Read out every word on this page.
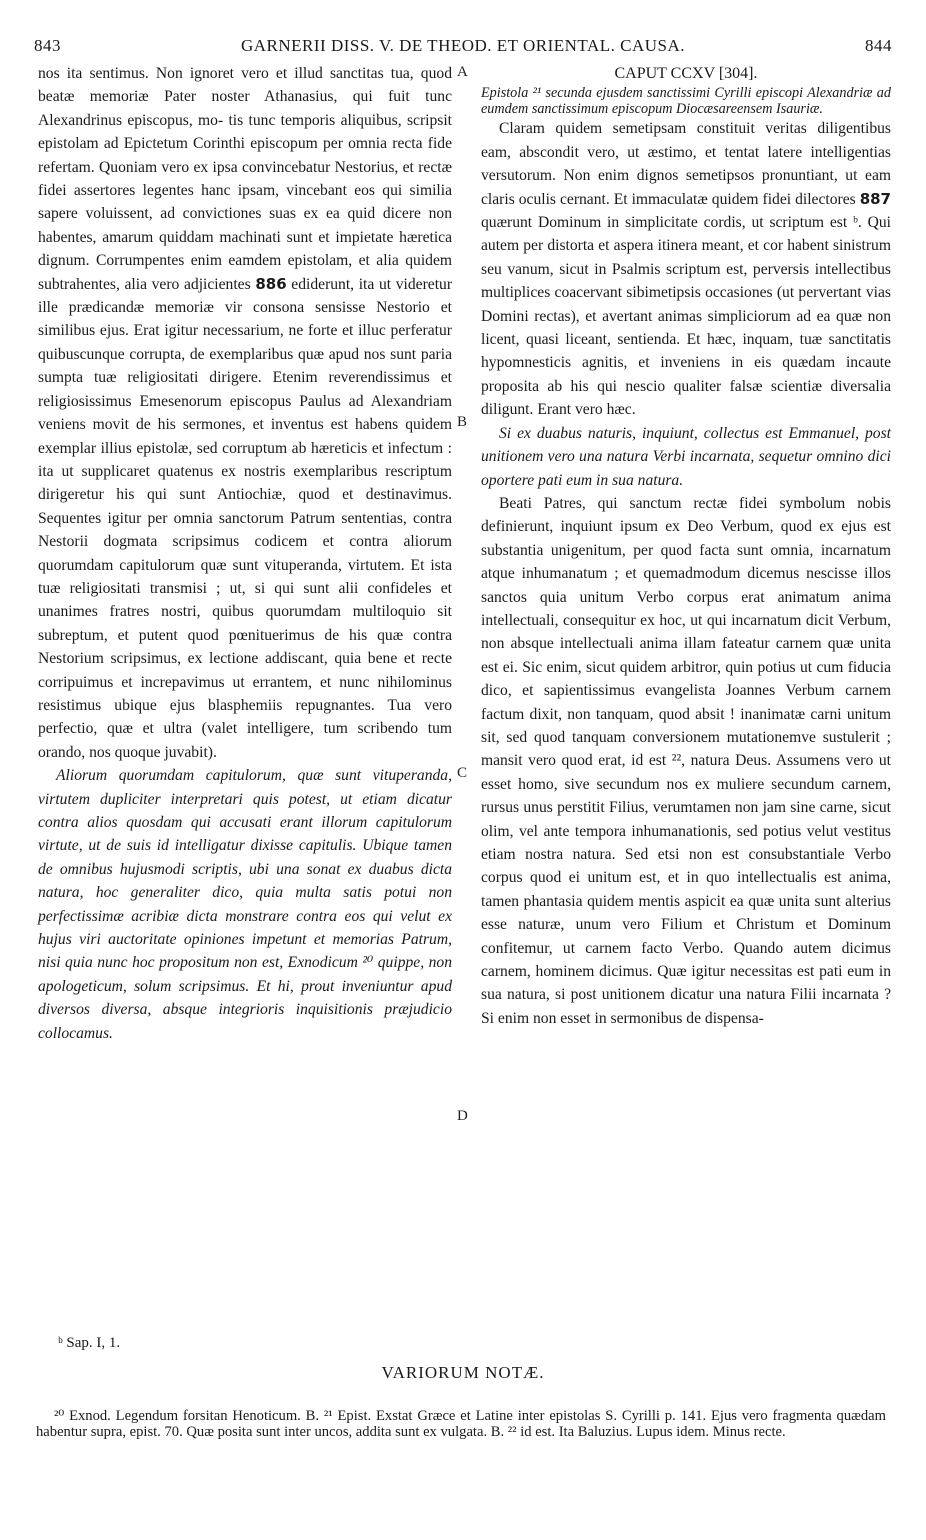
843	GARNERII DISS. V. DE THEOD. ET ORIENTAL. CAUSA.	844

nos ita sentimus. Non ignoret vero et illud sanctitas tua, quod beatæ memoriæ Pater noster Athanasius, qui fuit tunc Alexandrinus episcopus, mo- tis tunc temporis aliquibus, scripsit epistolam ad Epictetum Corinthi episcopum per omnia recta fide refertam. Quoniam vero ex ipsa convincebatur Nestorius, et rectæ fidei assertores legentes hanc ipsam, vincebant eos qui similia sapere voluissent, ad convictiones suas ex ea quid dicere non habentes, amarum quiddam machinati sunt et impietate hæretica dignum. Corrumpentes enim eamdem epistolam, et alia quidem subtrahentes, alia vero adjicientes 886 ediderunt, ita ut videretur ille prædicandæ memoriæ vir consona sensisse Nestorio et similibus ejus. Erat igitur necessarium, ne forte et illuc perferatur quibuscunque corrupta, de exemplaribus quæ apud nos sunt paria sumpta tuæ religiositati dirigere. Etenim reverendissimus et religiosissimus Emesenorum episcopus Paulus ad Alexandriam veniens movit de his sermones, et inventus est habens quidem exemplar illius epistolæ, sed corruptum ab hæreticis et infectum : ita ut supplicaret quatenus ex nostris exemplaribus rescriptum dirigeretur his qui sunt Antiochiæ, quod et destinavimus. Sequentes igitur per omnia sanctorum Patrum sententias, contra Nestorii dogmata scripsimus codicem et contra aliorum quorumdam capitulorum quæ sunt vituperanda, virtutem. Et ista tuæ religiositati transmisi ; ut, si qui sunt alii confideles et unanimes fratres nostri, quibus quorumdam multiloquio sit subreptum, et putent quod pœnituerimus de his quæ contra Nestorium scripsimus, ex lectione addiscant, quia bene et recte corripuimus et increpavimus ut errantem, et nunc nihilominus resistimus ubique ejus blasphemiis repugnantes. Tua vero perfectio, quæ et ultra (valet intelligere, tum scribendo tum orando, nos quoque juvabit).

Aliorum quorumdam capitulorum, quæ sunt vituperanda, virtutem dupliciter interpretari quis potest, ut etiam dicatur contra alios quosdam qui accusati erant illorum capitulorum virtute, ut de suis id intelligatur dixisse capitulis. Ubique tamen de omnibus hujusmodi scriptis, ubi una sonat ex duabus dicta natura, hoc generaliter dico, quia multa satis potui non perfectissimæ acribiæ dicta monstrare contra eos qui velut ex hujus viri auctoritate opiniones impetunt et memorias Patrum, nisi quia nunc hoc propositum non est, Exnodicum ²⁰ quippe, non apologeticum, solum scripsimus. Et hi, prout inveniuntur apud diversos diversa, absque integrioris inquisitionis præjudicio collocamus.

A
B
C
D

CAPUT CCXV [304].

Epistola ²¹ secunda ejusdem sanctissimi Cyrilli episcopi Alexandriæ ad eumdem sanctissimum episcopum Diocæsareensem Isauriæ.

Claram quidem semetipsam constituit veritas diligentibus eam, abscondit vero, ut æstimo, et tentat latere intelligentias versutorum. Non enim dignos semetipsos pronuntiant, ut eam claris oculis cernant. Et immaculatæ quidem fidei dilectores 887 quærunt Dominum in simplicitate cordis, ut scriptum est ᵇ. Qui autem per distorta et aspera itinera meant, et cor habent sinistrum seu vanum, sicut in Psalmis scriptum est, perversis intellectibus multiplices coacervant sibimetipsis occasiones (ut pervertant vias Domini rectas), et avertant animas simpliciorum ad ea quæ non licent, quasi liceant, sentienda. Et hæc, inquam, tuæ sanctitatis hypomnesticis agnitis, et inveniens in eis quædam incaute proposita ab his qui nescio qualiter falsæ scientiæ diversalia diligunt. Erant vero hæc.

Si ex duabus naturis, inquiunt, collectus est Emmanuel, post unitionem vero una natura Verbi incarnata, sequetur omnino dici oportere pati eum in sua natura.

Beati Patres, qui sanctum rectæ fidei symbolum nobis definierunt, inquiunt ipsum ex Deo Verbum, quod ex ejus est substantia unigenitum, per quod facta sunt omnia, incarnatum atque inhumanatum ; et quemadmodum dicemus nescisse illos sanctos quia unitum Verbo corpus erat animatum anima intellectuali, consequitur ex hoc, ut qui incarnatum dicit Verbum, non absque intellectuali anima illam fateatur carnem quæ unita est ei. Sic enim, sicut quidem arbitror, quin potius ut cum fiducia dico, et sapientissimus evangelista Joannes Verbum carnem factum dixit, non tanquam, quod absit ! inanimatæ carni unitum sit, sed quod tanquam conversionem mutationemve sustulerit ; mansit vero quod erat, id est ²², natura Deus. Assumens vero ut esset homo, sive secundum nos ex muliere secundum carnem, rursus unus perstitit Filius, verumtamen non jam sine carne, sicut olim, vel ante tempora inhumanationis, sed potius velut vestitus etiam nostra natura. Sed etsi non est consubstantiale Verbo corpus quod ei unitum est, et in quo intellectualis est anima, tamen phantasia quidem mentis aspicit ea quæ unita sunt alterius esse naturæ, unum vero Filium et Christum et Dominum confitemur, ut carnem facto Verbo. Quando autem dicimus carnem, hominem dicimus. Quæ igitur necessitas est pati eum in sua natura, si post unitionem dicatur una natura Filii incarnata ? Si enim non esset in sermonibus de dispensa-

ᵇ Sap. I, 1.
VARIORUM NOTÆ.

²⁰ Exnod. Legendum forsitan Henoticum. B. ²¹ Epist. Exstat Græce et Latine inter epistolas S. Cyrilli p. 141. Ejus vero fragmenta quædam habentur supra, epist. 70. Quæ posita sunt inter uncos, addita sunt ex vulgata. B. ²² id est. Ita Baluzius. Lupus idem. Minus recte.
